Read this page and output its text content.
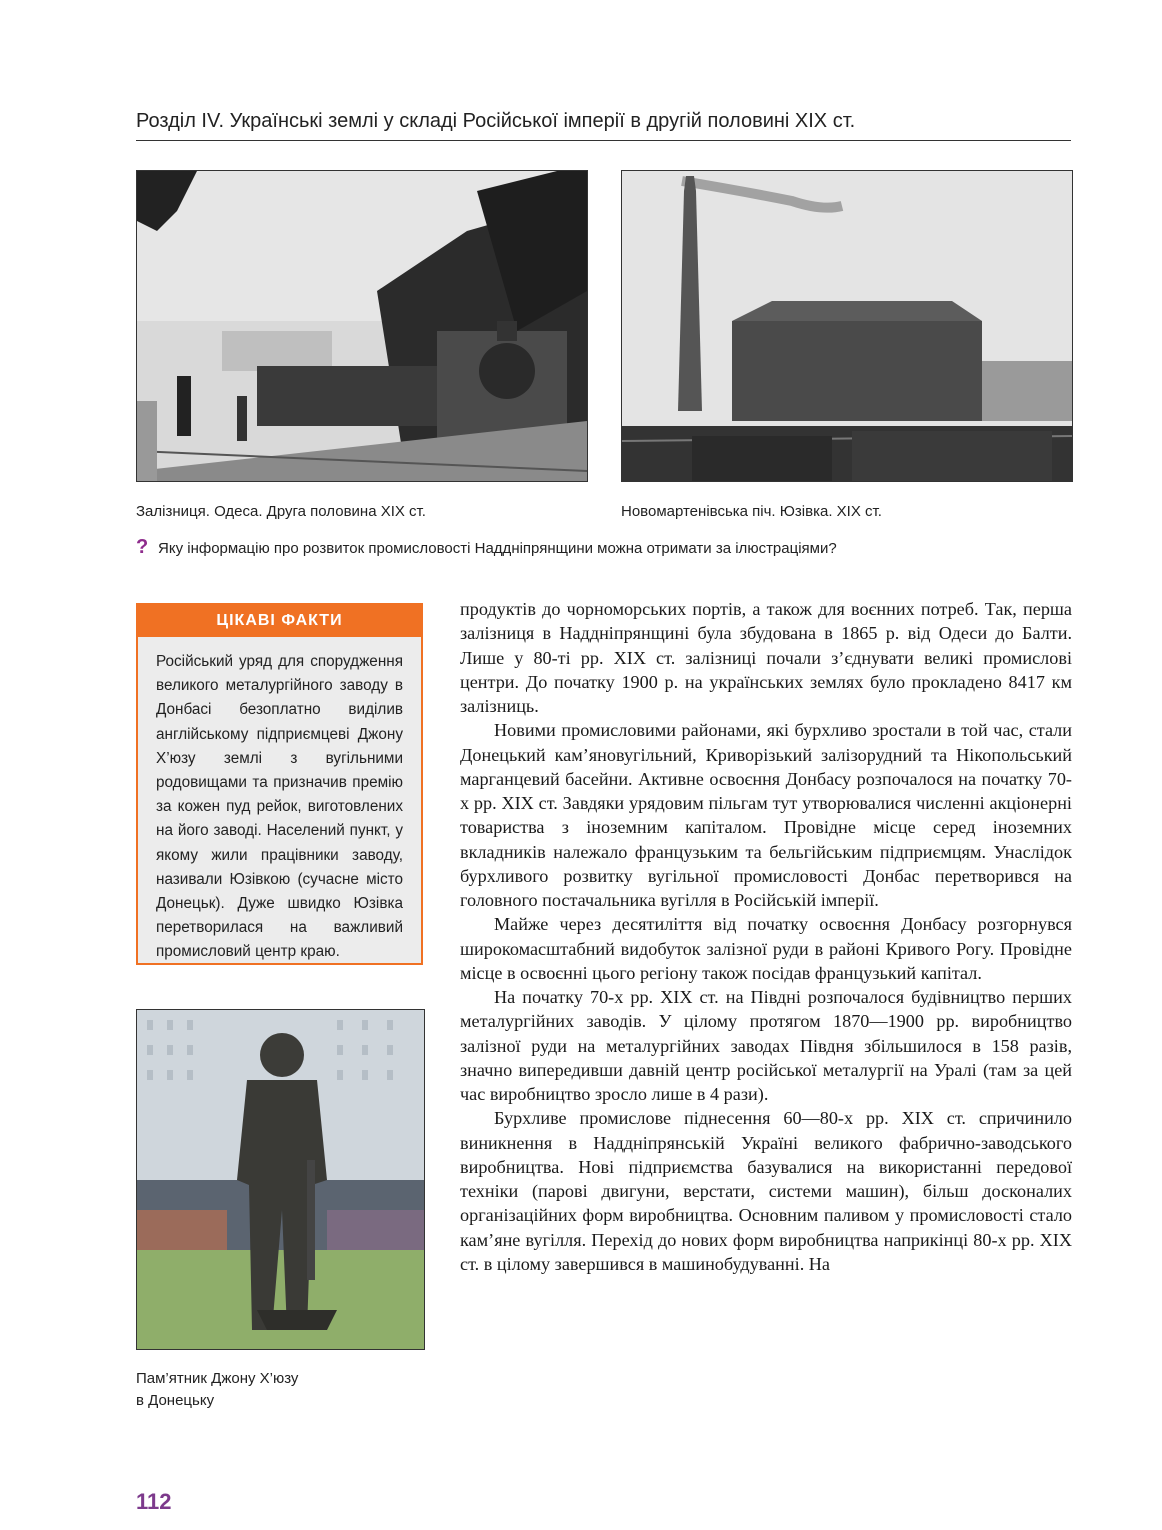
Розділ IV. Українські землі у складі Російської імперії в другій половині XIX ст.
Залізниця. Одеса. Друга половина XIX ст.	Новомартенівська піч. Юзівка. XIX ст.
? Яку інформацію про розвиток промисловості Наддніпрянщини можна отримати за ілюстраціями?
ЦІКАВІ ФАКТИ
Російський уряд для спорудження великого металургійного заводу в Донбасі безоплатно виділив англійському підприємцеві Джону Х’юзу землі з вугільними родовищами та призначив премію за кожен пуд рейок, виготовлених на його заводі. Населений пункт, у якому жили працівники заводу, називали Юзівкою (сучасне місто Донецьк). Дуже швидко Юзівка перетворилася на важливий промисловий центр краю.
Пам’ятник Джону Х’юзу
в Донецьку

продуктів до чорноморських портів, а також для воєнних потреб. Так, перша залізниця в Наддніпрянщині була збудована в 1865 р. від Одеси до Балти. Лише у 80-ті рр. XIX ст. залізниці почали з’єднувати великі промислові центри. До початку 1900 р. на українських землях було прокладено 8417 км залізниць.

Новими промисловими районами, які бурхливо зростали в той час, стали Донецький кам’яновугільний, Криворізький залізорудний та Нікопольський марганцевий басейни. Активне освоєння Донбасу розпочалося на початку 70-х рр. XIX ст. Завдяки урядовим пільгам тут утворювалися численні акціонерні товариства з іноземним капіталом. Провідне місце серед іноземних вкладників належало французьким та бельгійським підприємцям. Унаслідок бурхливого розвитку вугільної промисловості Донбас перетворився на головного постачальника вугілля в Російській імперії.

Майже через десятиліття від початку освоєння Донбасу розгорнувся широкомасштабний видобуток залізної руди в районі Кривого Рогу. Провідне місце в освоєнні цього регіону також посідав французький капітал.

На початку 70-х рр. XIX ст. на Півдні розпочалося будівництво перших металургійних заводів. У цілому протягом 1870—1900 рр. виробництво залізної руди на металургійних заводах Півдня збільшилося в 158 разів, значно випередивши давній центр російської металургії на Уралі (там за цей час виробництво зросло лише в 4 рази).

Бурхливе промислове піднесення 60—80-х рр. XIX ст. спричинило виникнення в Наддніпрянській Україні великого фабрично-заводського виробництва. Нові підприємства базувалися на використанні передової техніки (парові двигуни, верстати, системи машин), більш досконалих організаційних форм виробництва. Основним паливом у промисловості стало кам’яне вугілля. Перехід до нових форм виробництва наприкінці 80-х рр. XIX ст. в цілому завершився в машинобудуванні. На

112
